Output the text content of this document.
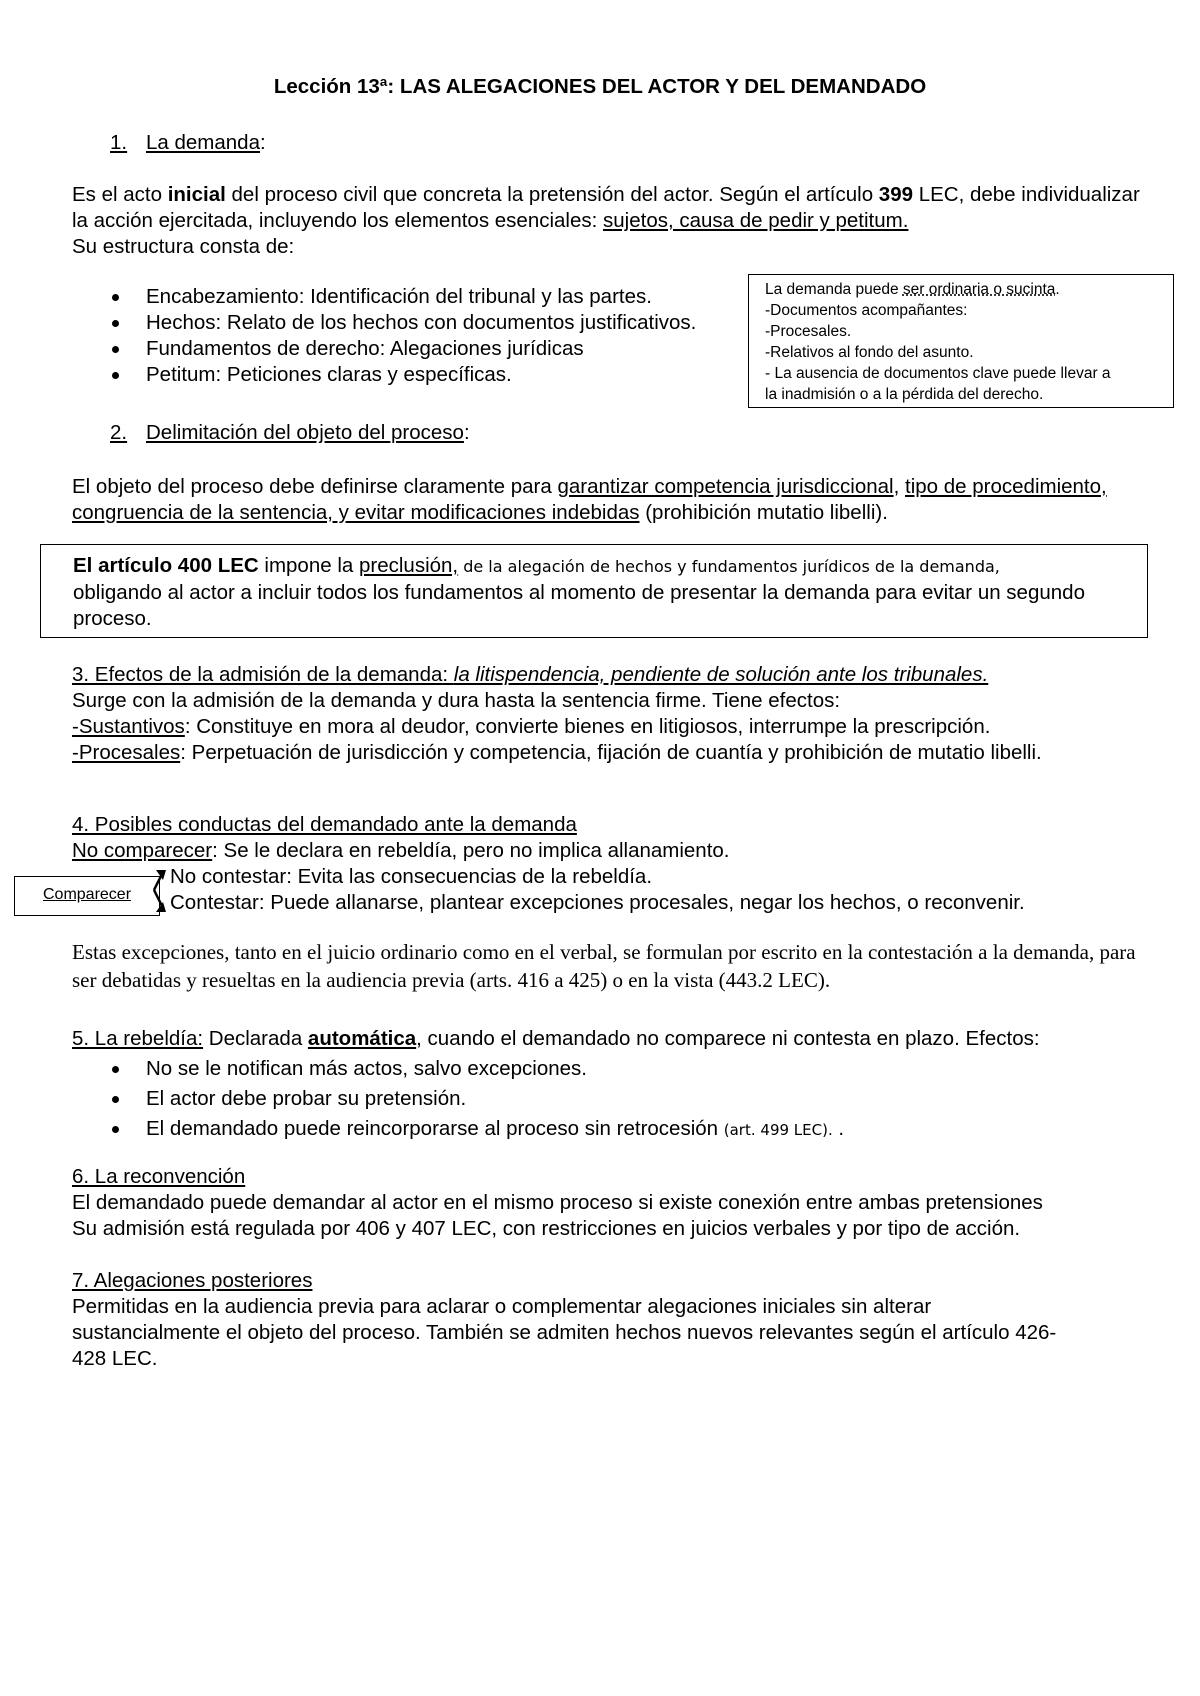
Lección 13ª: LAS ALEGACIONES DEL ACTOR Y DEL DEMANDADO
1. La demanda:

Es el acto inicial del proceso civil que concreta la pretensión del actor. Según el artículo 399 LEC, debe individualizar la acción ejercitada, incluyendo los elementos esenciales: sujetos, causa de pedir y petitum.
Su estructura consta de:

Encabezamiento: Identificación del tribunal y las partes.
Hechos: Relato de los hechos con documentos justificativos.
Fundamentos de derecho: Alegaciones jurídicas
Petitum: Peticiones claras y específicas.
La demanda puede ser ordinaria o sucinta.
-Documentos acompañantes:
-Procesales.
-Relativos al fondo del asunto.
- La ausencia de documentos clave puede llevar a
la inadmisión o a la pérdida del derecho.
2. Delimitación del objeto del proceso:

El objeto del proceso debe definirse claramente para garantizar competencia jurisdiccional, tipo de procedimiento, congruencia de la sentencia, y evitar modificaciones indebidas (prohibición mutatio libelli).

El artículo 400 LEC impone la preclusión, de la alegación de hechos y fundamentos jurídicos de la demanda,
obligando al actor a incluir todos los fundamentos al momento de presentar la demanda para evitar un segundo proceso.
3. Efectos de la admisión de la demanda: la litispendencia, pendiente de solución ante los tribunales.
Surge con la admisión de la demanda y dura hasta la sentencia firme. Tiene efectos:
-Sustantivos: Constituye en mora al deudor, convierte bienes en litigiosos, interrumpe la prescripción.
-Procesales: Perpetuación de jurisdicción y competencia, fijación de cuantía y prohibición de mutatio libelli.
4. Posibles conductas del demandado ante la demanda
No comparecer: Se le declara en rebeldía, pero no implica allanamiento.
Comparecer
No contestar: Evita las consecuencias de la rebeldía.
Contestar: Puede allanarse, plantear excepciones procesales, negar los hechos, o reconvenir.

Estas excepciones, tanto en el juicio ordinario como en el verbal, se formulan por escrito en la contestación a la demanda, para ser debatidas y resueltas en la audiencia previa (arts. 416 a 425) o en la vista (443.2 LEC).

5. La rebeldía: Declarada automática, cuando el demandado no comparece ni contesta en plazo. Efectos:
No se le notifican más actos, salvo excepciones.
El actor debe probar su pretensión.
El demandado puede reincorporarse al proceso sin retrocesión (art. 499 LEC). .
6. La reconvención
El demandado puede demandar al actor en el mismo proceso si existe conexión entre ambas pretensiones
Su admisión está regulada por 406 y 407 LEC, con restricciones en juicios verbales y por tipo de acción.
7. Alegaciones posteriores
Permitidas en la audiencia previa para aclarar o complementar alegaciones iniciales sin alterar sustancialmente el objeto del proceso. También se admiten hechos nuevos relevantes según el artículo 426-428 LEC.
